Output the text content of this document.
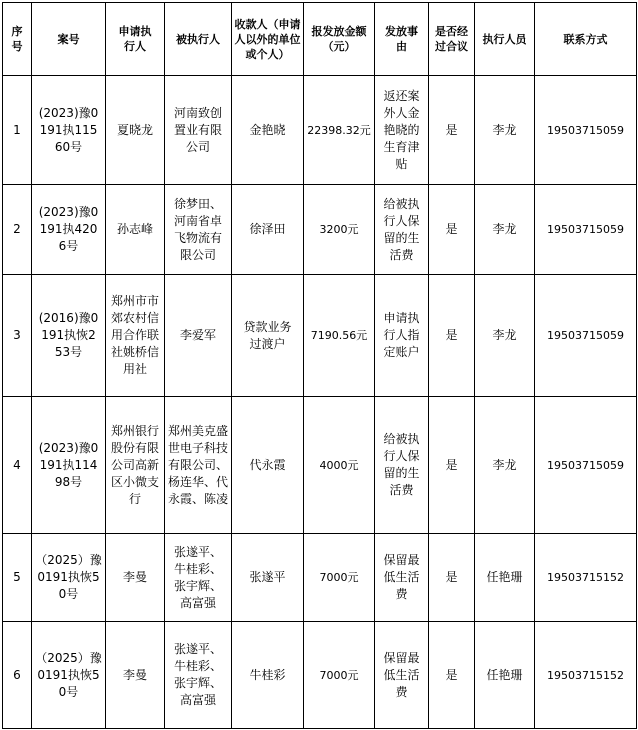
序号	案号	申请执行人	被执行人	收款人（申请人以外的单位或个人）	报发放金额（元）	发放事由	是否经过合议	执行人员	联系方式
1	(2023)豫0191执11560号	夏晓龙	河南致创置业有限公司	金艳晓	22398.32元	返还案外人金艳晓的生育津贴	是	李龙	19503715059
2	(2023)豫0191执4206号	孙志峰	徐梦田、河南省卓飞物流有限公司	徐泽田	3200元	给被执行人保留的生活费	是	李龙	19503715059
3	(2016)豫0191执恢253号	郑州市市郊农村信用合作联社姚桥信用社	李爱军	贷款业务过渡户	7190.56元	申请执行人指定账户	是	李龙	19503715059
4	(2023)豫0191执11498号	郑州银行股份有限公司高新区小微支行	郑州美克盛世电子科技有限公司、杨连华、代永霞、陈凌	代永霞	4000元	给被执行人保留的生活费	是	李龙	19503715059
5	（2025）豫0191执恢50号	李曼	张遂平、牛桂彩、张宇辉、高富强	张遂平	7000元	保留最低生活费	是	任艳珊	19503715152
6	（2025）豫0191执恢50号	李曼	张遂平、牛桂彩、张宇辉、高富强	牛桂彩	7000元	保留最低生活费	是	任艳珊	19503715152
